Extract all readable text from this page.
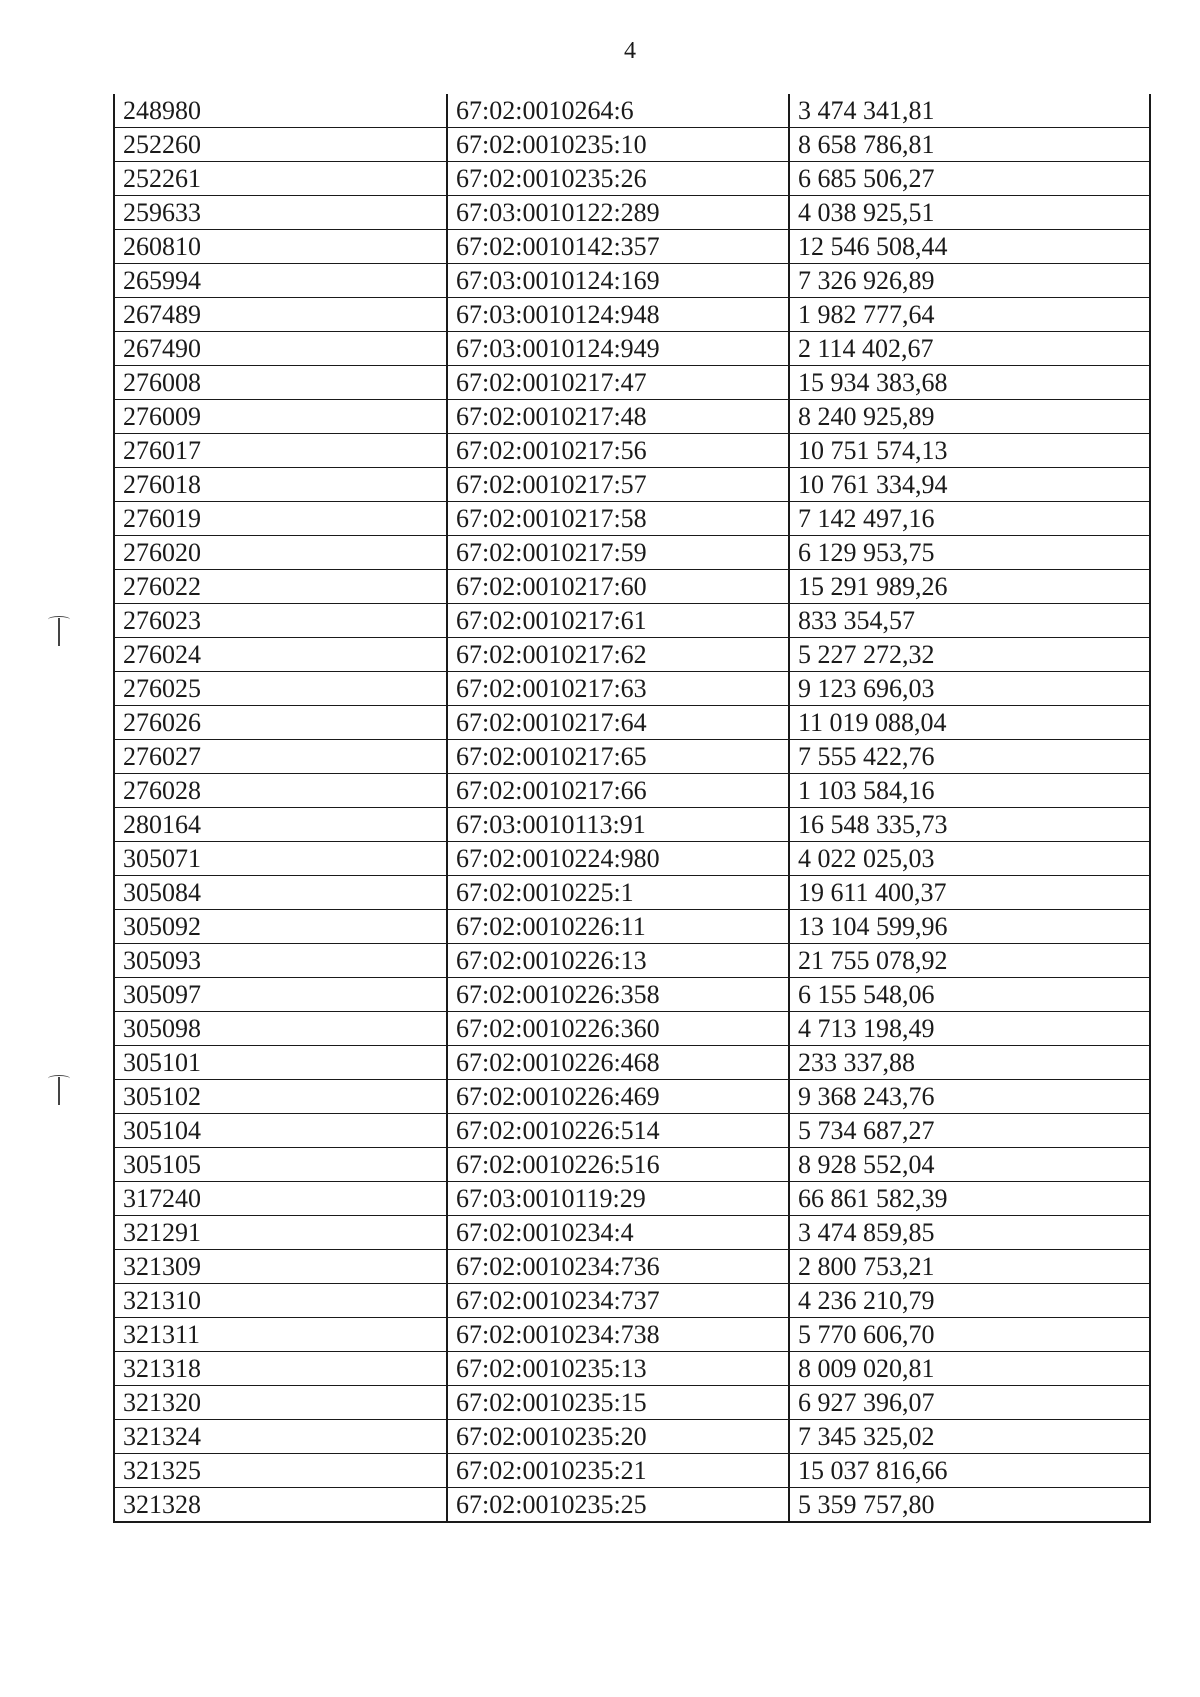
4
248980	67:02:0010264:6	3 474 341,81
252260	67:02:0010235:10	8 658 786,81
252261	67:02:0010235:26	6 685 506,27
259633	67:03:0010122:289	4 038 925,51
260810	67:02:0010142:357	12 546 508,44
265994	67:03:0010124:169	7 326 926,89
267489	67:03:0010124:948	1 982 777,64
267490	67:03:0010124:949	2 114 402,67
276008	67:02:0010217:47	15 934 383,68
276009	67:02:0010217:48	8 240 925,89
276017	67:02:0010217:56	10 751 574,13
276018	67:02:0010217:57	10 761 334,94
276019	67:02:0010217:58	7 142 497,16
276020	67:02:0010217:59	6 129 953,75
276022	67:02:0010217:60	15 291 989,26
276023	67:02:0010217:61	833 354,57
276024	67:02:0010217:62	5 227 272,32
276025	67:02:0010217:63	9 123 696,03
276026	67:02:0010217:64	11 019 088,04
276027	67:02:0010217:65	7 555 422,76
276028	67:02:0010217:66	1 103 584,16
280164	67:03:0010113:91	16 548 335,73
305071	67:02:0010224:980	4 022 025,03
305084	67:02:0010225:1	19 611 400,37
305092	67:02:0010226:11	13 104 599,96
305093	67:02:0010226:13	21 755 078,92
305097	67:02:0010226:358	6 155 548,06
305098	67:02:0010226:360	4 713 198,49
305101	67:02:0010226:468	233 337,88
305102	67:02:0010226:469	9 368 243,76
305104	67:02:0010226:514	5 734 687,27
305105	67:02:0010226:516	8 928 552,04
317240	67:03:0010119:29	66 861 582,39
321291	67:02:0010234:4	3 474 859,85
321309	67:02:0010234:736	2 800 753,21
321310	67:02:0010234:737	4 236 210,79
321311	67:02:0010234:738	5 770 606,70
321318	67:02:0010235:13	8 009 020,81
321320	67:02:0010235:15	6 927 396,07
321324	67:02:0010235:20	7 345 325,02
321325	67:02:0010235:21	15 037 816,66
321328	67:02:0010235:25	5 359 757,80
